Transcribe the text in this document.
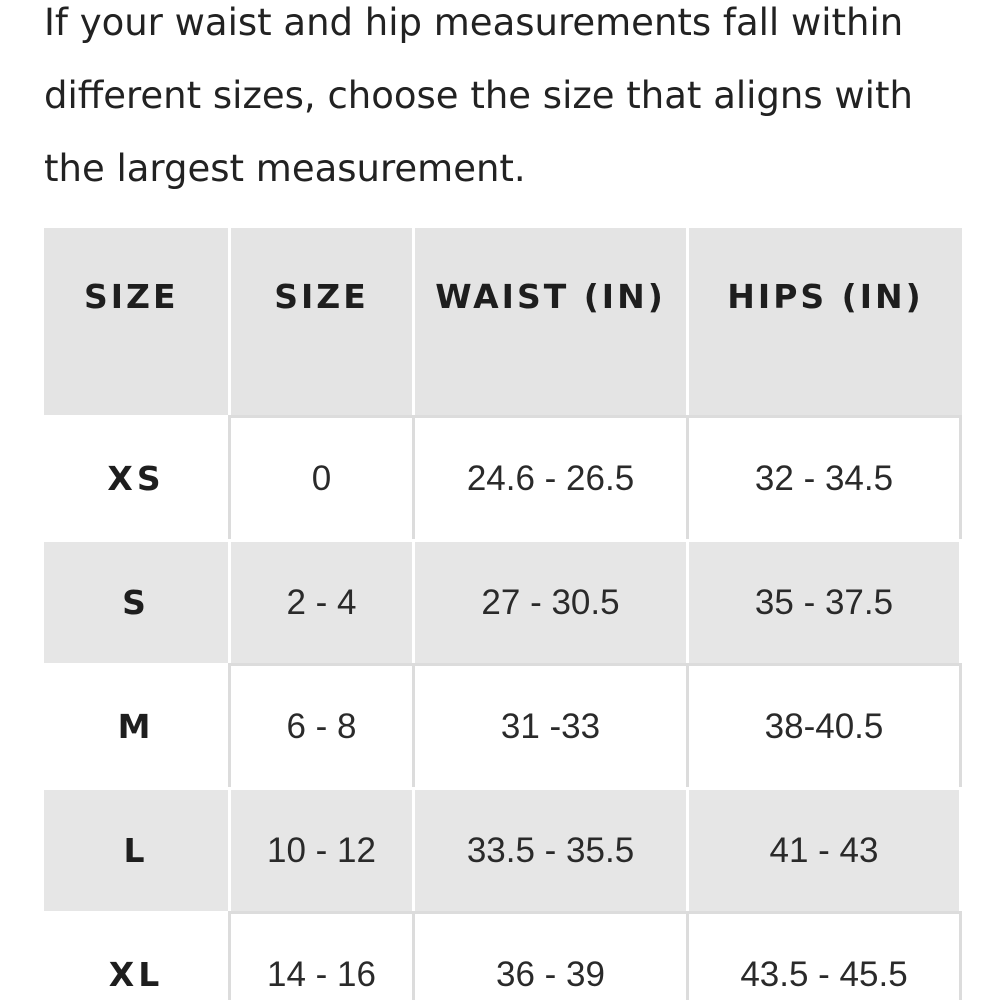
If your waist and hip measurements fall within
different sizes, choose the size that aligns with
the largest measurement.
SIZE	SIZE	WAIST (IN)	HIPS (IN)
XS	0	24.6 - 26.5	32 - 34.5
S	2 - 4	27 - 30.5	35 - 37.5
M	6 - 8	31 -33	38-40.5
L	10 - 12	33.5 - 35.5	41 - 43
XL	14 - 16	36 - 39	43.5 - 45.5
